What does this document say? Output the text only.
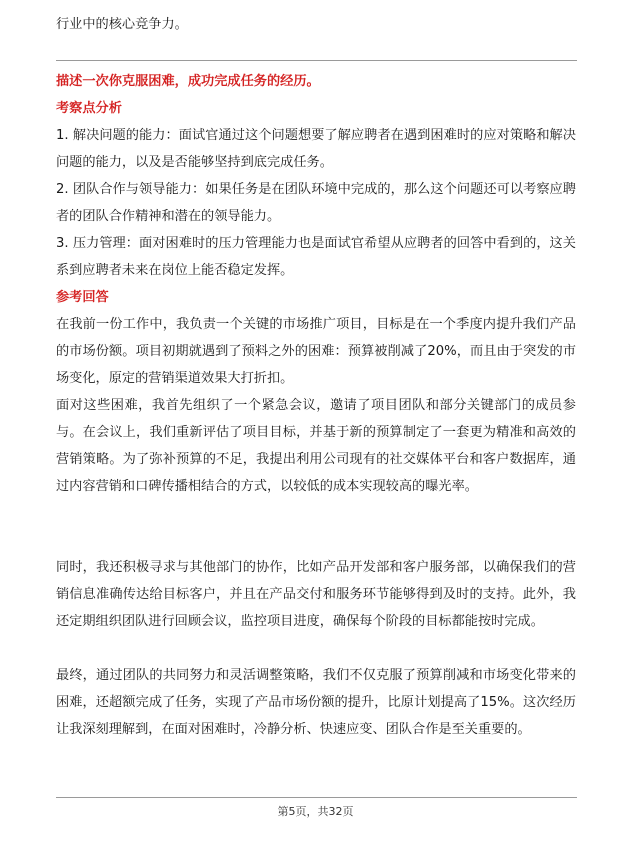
行业中的核心竞争力。
描述一次你克服困难，成功完成任务的经历。
考察点分析

1. 解决问题的能力：面试官通过这个问题想要了解应聘者在遇到困难时的应对策略和解决问题的能力，以及是否能够坚持到底完成任务。

2. 团队合作与领导能力：如果任务是在团队环境中完成的，那么这个问题还可以考察应聘者的团队合作精神和潜在的领导能力。

3. 压力管理：面对困难时的压力管理能力也是面试官希望从应聘者的回答中看到的，这关系到应聘者未来在岗位上能否稳定发挥。

参考回答

在我前一份工作中，我负责一个关键的市场推广项目，目标是在一个季度内提升我们产品的市场份额。项目初期就遇到了预料之外的困难：预算被削减了20%，而且由于突发的市场变化，原定的营销渠道效果大打折扣。

面对这些困难，我首先组织了一个紧急会议，邀请了项目团队和部分关键部门的成员参与。在会议上，我们重新评估了项目目标，并基于新的预算制定了一套更为精准和高效的营销策略。为了弥补预算的不足，我提出利用公司现有的社交媒体平台和客户数据库，通过内容营销和口碑传播相结合的方式，以较低的成本实现较高的曝光率。

同时，我还积极寻求与其他部门的协作，比如产品开发部和客户服务部，以确保我们的营销信息准确传达给目标客户，并且在产品交付和服务环节能够得到及时的支持。此外，我还定期组织团队进行回顾会议，监控项目进度，确保每个阶段的目标都能按时完成。

最终，通过团队的共同努力和灵活调整策略，我们不仅克服了预算削减和市场变化带来的困难，还超额完成了任务，实现了产品市场份额的提升，比原计划提高了15%。这次经历让我深刻理解到，在面对困难时，冷静分析、快速应变、团队合作是至关重要的。

第5页，共32页
